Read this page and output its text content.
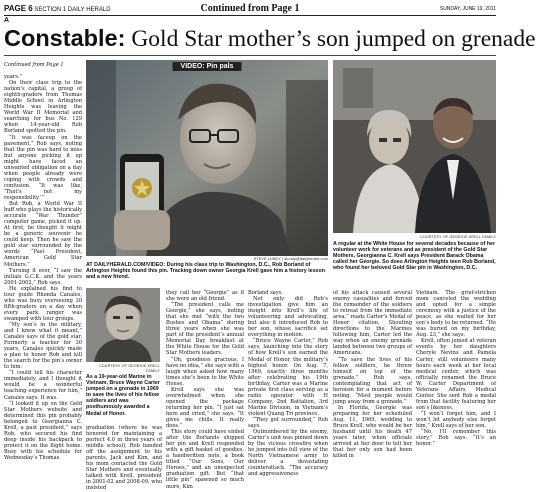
PAGE 6 SECTION 1 DAILY HERALD	Continued from Page 1	SUNDAY, JUNE 19, 2011
A
Constable: Gold Star mother’s son jumped on grenade

Continued from Page 1

years.”

On their class trip to the nation’s capital, a group of eighth-graders from Thomas Middle School in Arlington Heights was leaving the World War II Memorial and searching for bus No. 129 when 14-year-old Rob Borland spotted the pin.

“It was faceup on the pavement,” Rob says, noting that the pin was hard to miss but anyone picking it up might have faced an unwanted obligation on a day when people already were coping with crowds and confusion. “It was like, ‘That’s not my responsibility.’”

But Rob, a World War II buff who plays the historically accurate “War Thunder” computer game, picked it up. At first, he thought it might be a generic souvenir he could keep. Then he saw the gold star surrounded by the words “Past President, American Gold Star Mothers.”

Turning it over, “I saw the initials G.C.K. and the years 2001-2002,” Rob says.

He explained his find to tour guide Rhonda Canales, who was busy overseeing 30 fifth-graders on a day when every park ranger was swamped with tour groups.

“My son’s in the military, and I knew what it meant,” Canales says of the gold star. Formerly a teacher for 30 years, Canales quickly made a plan to honor Rob and kill the search for the pin’s owner to him.

“I could tell his character immediately, and I thought it would be a wonderful teaching experience for him,” Canales says. It was.

“I looked it up on the Gold Star Mothers website and determined this pin probably belonged to Georgianna C. Krell, a past president,” says Rob, who secured his find deep inside his backpack to protect it on the flight home. Busy with his schedule for Wednesday’s Thomas

VIDEO: Pin pals
STEVE LUNDY | slundy@dailyherald.com
AT DAILYHERALD.COM/VIDEO: During his class trip to Washington, D.C., Rob Borland of Arlington Heights found this pin. Tracking down owner Georgia Krell gave him a history lesson and a new friend.
COURTESY OF GEORGIE KRELL FAMILY
As a 19-year-old Marine in Vietnam, Bruce Wayne Carter jumped on a grenade in 1969 to save the lives of his fellow soldiers and was posthumously awarded a Medal of Honor.

graduation (where he was honored for maintaining a perfect 4.0 in three years of middle school), Rob handed off the assignment to his parents, Jack and Kim, and his mom contacted the Gold Star Mothers and eventually talked with Krell, president in 2001-02 and 2008-09, who insisted

they call her “Georgie” as if she were an old friend.

“The president calls me Georgie,” she says, noting that she met “with the two Bushes and Obama” during three years when she was part of the president’s annual Memorial Day breakfast at the White House for the Gold Star Mothers leaders.

“Oh, goodness gracious, I have no idea,” she says with a laugh when asked how many times she’s been to the White House.

Krell says she was overwhelmed when she opened the package returning her pin. “I just sat here and cried,” she says. “It gives me chills. It really does.”

This story could have ended after the Borlands shipped her pin and Krell responded with a gift basket of goodies, a handwritten note, a book titled “Our Sons, Our Heroes,” and an unexpected graduation gift. But “that little pin” spawned so much more, Kim

Borland says.

Not only did Rob’s investigation give him an insight into Krell’s life of volunteering and advocating, but also it introduced Rob to her son, whose sacrifice set everything in motion.

“Bruce Wayne Carter,” Rob says, launching into the story of how Krell’s son earned the Medal of Honor, the military’s highest honor. On Aug. 7, 1969, exactly three months after celebrating his 19th birthday, Carter was a Marine private first class serving as a radio operator with H Company, 2nd Battalion, 3rd Marine Division, in Vietnam’s violent Quang Tri province.

“They got surrounded,” Rob says.

Outnumbered by the enemy, Carter’s unit was pinned down by the vicious crossfire when he jumped into full view of the North Vietnamese army to deliver a devastating counterattack. “The accuracy and aggressiveness

COURTESY OF GEORGIE KRELL FAMILY
A regular at the White House for several decades because of her volunteer work for veterans and as president of the Gold Star Mothers, Georgianna C. Krell says President Barack Obama called her Georgie. So does Arlington Heights teen Rob Borland, who found her beloved Gold Star pin in Washington, D.C.

of his attack caused several enemy casualties and forced the remainder of the soldiers to retreat from the immediate area,” reads Carter’s Medal of Honor citation. Shouting directions to the Marines following him, Carter led the way when an enemy grenade landed between two groups of Americans.

“To save the lives of his fellow soldiers, he threw himself on top of the grenade,” Rob says, contemplating that act of heroism for a moment before noting, “Most people would jump away from a grenade.”

In Florida, Georgie was preparing for her scheduled Aug. 11, 1969, wedding to Bruce Krell, who would be her husband until his death 47 years later, when officials arrived at her door to tell her that her only son had been killed in

Vietnam. The grief-stricken mom canceled the wedding and opted for a simple ceremony with a justice of the peace, as she waited for her son’s body to be returned. “He was buried on my birthday, Aug. 23,” she says.

Krell, often joined at veteran events by her daughters Cheryle Nevins and Pamela Carter, still volunteers many hours each week at her local medical center, which was officially renamed the Bruce W. Carter Department of Veterans Affairs Medical Center. She sent Rob a medal from that facility featuring her son’s likeness.

“I won’t forget him, and I won’t let anybody else forget him,” Krell says of her son.

“No, I’ll remember this story,” Rob says. “It’s an honor.”
